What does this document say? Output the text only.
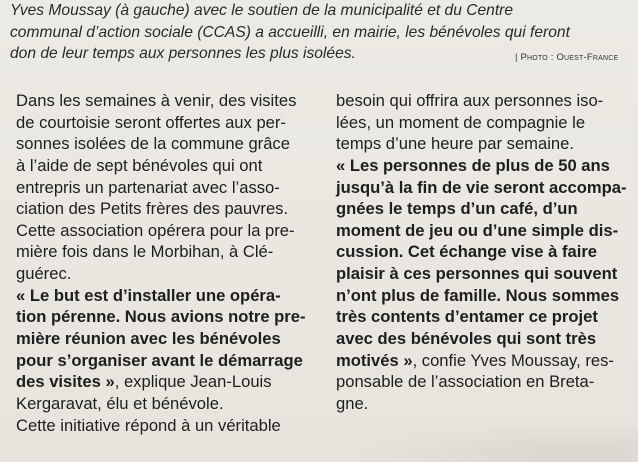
Yves Moussay (à gauche) avec le soutien de la municipalité et du Centre
communal d’action sociale (CCAS) a accueilli, en mairie, les bénévoles qui feront
don de leur temps aux personnes les plus isolées.	| Photo : Ouest-France
Dans les semaines à venir, des visites
de courtoisie seront offertes aux per-
sonnes isolées de la commune grâce
à l’aide de sept bénévoles qui ont
entrepris un partenariat avec l’asso-
ciation des Petits frères des pauvres.
Cette association opérera pour la pre-
mière fois dans le Morbihan, à Clé-
guérec.
« Le but est d’installer une opéra-
tion pérenne. Nous avions notre pre-
mière réunion avec les bénévoles
pour s’organiser avant le démarrage
des visites », explique Jean-Louis
Kergaravat, élu et bénévole.
Cette initiative répond à un véritable
besoin qui offrira aux personnes iso-
lées, un moment de compagnie le
temps d’une heure par semaine.
« Les personnes de plus de 50 ans
jusqu’à la fin de vie seront accompa-
gnées le temps d’un café, d’un
moment de jeu ou d’une simple dis-
cussion. Cet échange vise à faire
plaisir à ces personnes qui souvent
n’ont plus de famille. Nous sommes
très contents d’entamer ce projet
avec des bénévoles qui sont très
motivés », confie Yves Moussay, res-
ponsable de l’association en Breta-
gne.
